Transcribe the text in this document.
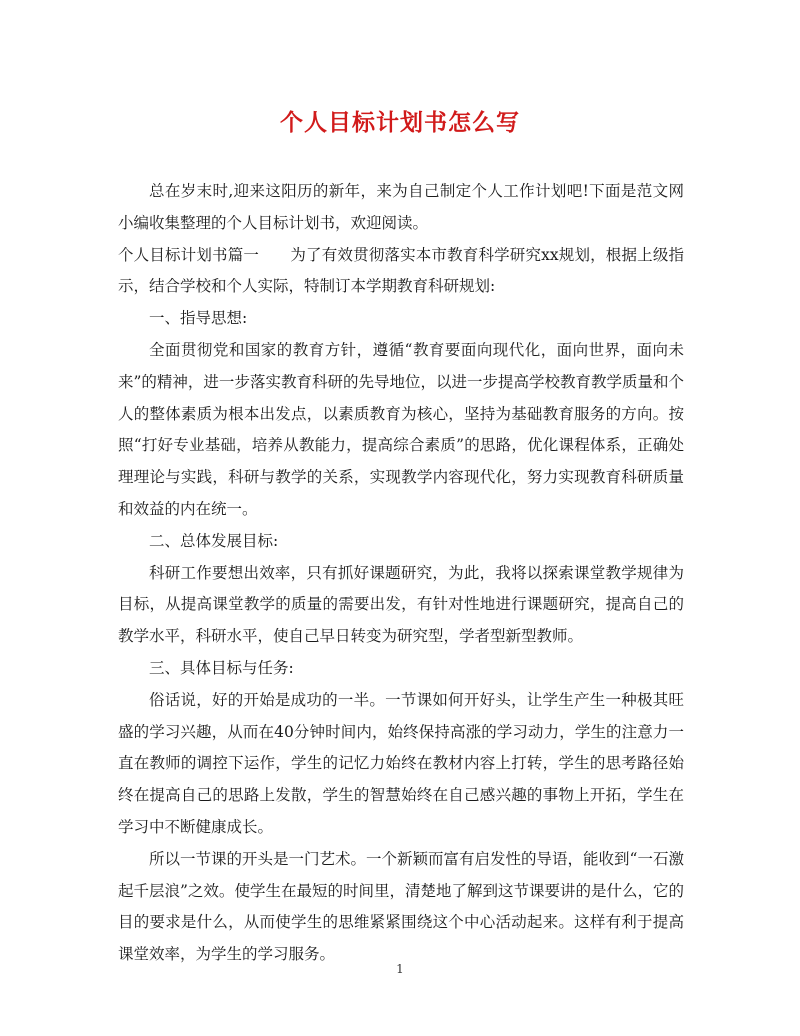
个人目标计划书怎么写

总在岁末时,迎来这阳历的新年，来为自己制定个人工作计划吧!下面是范文网小编收集整理的个人目标计划书，欢迎阅读。

个人目标计划书篇一　　为了有效贯彻落实本市教育科学研究xx规划，根据上级指示，结合学校和个人实际，特制订本学期教育科研规划:

一、指导思想:

全面贯彻党和国家的教育方针，遵循“教育要面向现代化，面向世界，面向未来”的精神，进一步落实教育科研的先导地位，以进一步提高学校教育教学质量和个人的整体素质为根本出发点，以素质教育为核心，坚持为基础教育服务的方向。按照“打好专业基础，培养从教能力，提高综合素质”的思路，优化课程体系，正确处理理论与实践，科研与教学的关系，实现教学内容现代化，努力实现教育科研质量和效益的内在统一。

二、总体发展目标:

科研工作要想出效率，只有抓好课题研究，为此，我将以探索课堂教学规律为目标，从提高课堂教学的质量的需要出发，有针对性地进行课题研究，提高自己的教学水平，科研水平，使自己早日转变为研究型，学者型新型教师。

三、具体目标与任务:

俗话说，好的开始是成功的一半。一节课如何开好头，让学生产生一种极其旺盛的学习兴趣，从而在40分钟时间内，始终保持高涨的学习动力，学生的注意力一直在教师的调控下运作，学生的记忆力始终在教材内容上打转，学生的思考路径始终在提高自己的思路上发散，学生的智慧始终在自己感兴趣的事物上开拓，学生在学习中不断健康成长。

所以一节课的开头是一门艺术。一个新颖而富有启发性的导语，能收到“一石激起千层浪”之效。使学生在最短的时间里，清楚地了解到这节课要讲的是什么，它的目的要求是什么，从而使学生的思维紧紧围绕这个中心活动起来。这样有利于提高课堂效率，为学生的学习服务。

1
